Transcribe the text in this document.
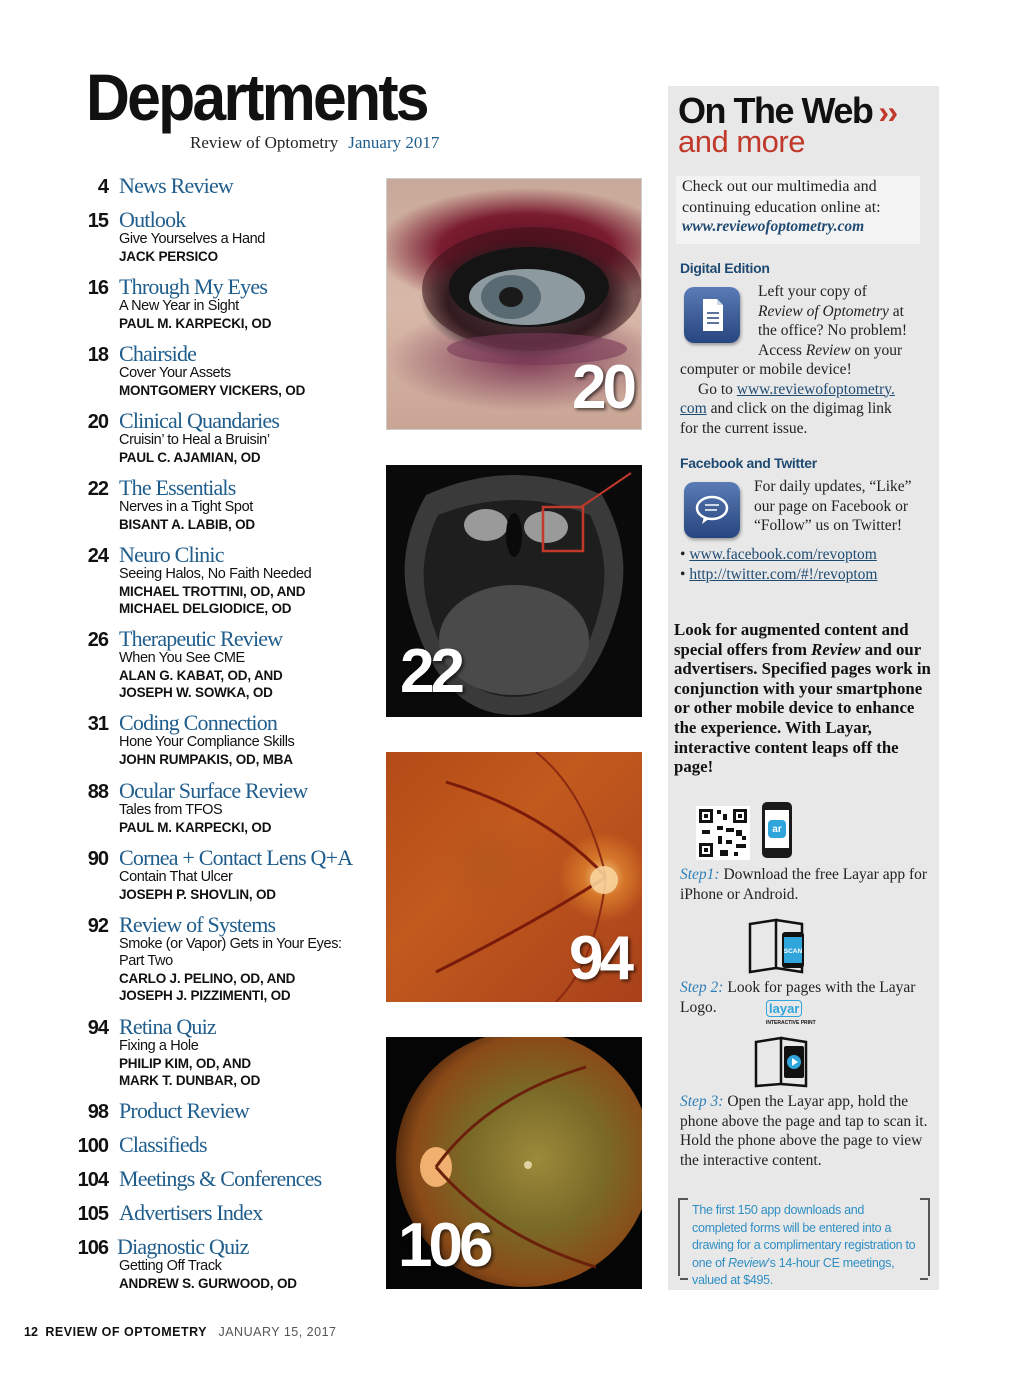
Departments
Review of Optometry January 2017
4 News Review
15 Outlook
Give Yourselves a Hand
JACK PERSICO
16 Through My Eyes
A New Year in Sight
PAUL M. KARPECKI, OD
18 Chairside
Cover Your Assets
MONTGOMERY VICKERS, OD
20 Clinical Quandaries
Cruisin’ to Heal a Bruisin’
PAUL C. AJAMIAN, OD
22 The Essentials
Nerves in a Tight Spot
BISANT A. LABIB, OD
24 Neuro Clinic
Seeing Halos, No Faith Needed
MICHAEL TROTTINI, OD, AND
MICHAEL DELGIODICE, OD
26 Therapeutic Review
When You See CME
ALAN G. KABAT, OD, AND
JOSEPH W. SOWKA, OD
31 Coding Connection
Hone Your Compliance Skills
JOHN RUMPAKIS, OD, MBA
88 Ocular Surface Review
Tales from TFOS
PAUL M. KARPECKI, OD
90 Cornea + Contact Lens Q+A
Contain That Ulcer
JOSEPH P. SHOVLIN, OD
92 Review of Systems
Smoke (or Vapor) Gets in Your Eyes:
Part Two
CARLO J. PELINO, OD, AND
JOSEPH J. PIZZIMENTI, OD
94 Retina Quiz
Fixing a Hole
PHILIP KIM, OD, AND
MARK T. DUNBAR, OD
98 Product Review
100 Classifieds
104 Meetings & Conferences
105 Advertisers Index
106 Diagnostic Quiz
Getting Off Track
ANDREW S. GURWOOD, OD
20
22
94
106
On The Web ››
and more
Check out our multimedia and continuing education online at:
www.reviewofoptometry.com
Digital Edition
Left your copy of
Review of Optometry at
the office? No problem!
Access Review on your
computer or mobile device!
Go to www.reviewofoptometry.
com and click on the digimag link
for the current issue.
Facebook and Twitter
For daily updates, “Like”
our page on Facebook or
“Follow” us on Twitter!
• www.facebook.com/revoptom
• http://twitter.com/#!/revoptom
Look for augmented content and special offers from Review and our advertisers. Specified pages work in conjunction with your smartphone or other mobile device to enhance the experience. With Layar, interactive content leaps off the page!
ar
Step1: Download the free Layar app for iPhone or Android.
SCAN
Step 2: Look for pages with the Layar Logo.	layar
INTERACTIVE PRINT
Step 3: Open the Layar app, hold the phone above the page and tap to scan it. Hold the phone above the page to view the interactive content.
The first 150 app downloads and completed forms will be entered into a drawing for a complimentary registration to one of Review’s 14-hour CE meetings, valued at $495.
12 REVIEW OF OPTOMETRY JANUARY 15, 2017
